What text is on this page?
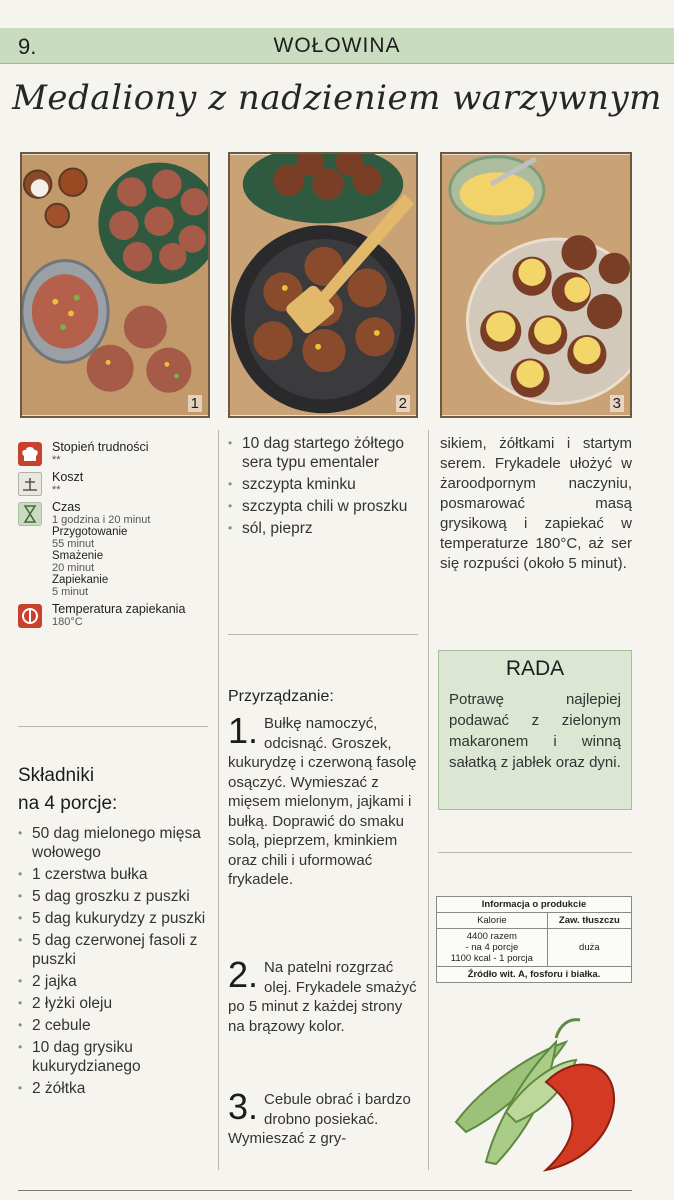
9.	WOŁOWINA
Medaliony z nadzieniem warzywnym
1	2	3
Stopień trudności
**
Koszt
**
Czas
1 godzina i 20 minut
Przygotowanie
55 minut
Smażenie
20 minut
Zapiekanie
5 minut
Temperatura zapiekania
180°C
Składniki
na 4 porcje:
• 50 dag mielonego mięsa wołowego
• 1 czerstwa bułka
• 5 dag groszku z puszki
• 5 dag kukurydzy z puszki
• 5 dag czerwonej fasoli z puszki
• 2 jajka
• 2 łyżki oleju
• 2 cebule
• 10 dag grysiku kukurydzianego
• 2 żółtka
• 10 dag startego żółtego sera typu ementaler
• szczypta kminku
• szczypta chili w proszku
• sól, pieprz
Przyrządzanie:
1. Bułkę namoczyć, odcisnąć. Groszek, kukurydzę i czerwoną fasolę osączyć. Wymieszać z mięsem mielonym, jajkami i bułką. Doprawić do smaku solą, pieprzem, kminkiem oraz chili i uformować frykadele.
2. Na patelni rozgrzać olej. Frykadele smażyć po 5 minut z każdej strony na brązowy kolor.
3. Cebule obrać i bardzo drobno posiekać. Wymieszać z gry-
sikiem, żółtkami i startym serem. Frykadele ułożyć w żaroodpornym naczyniu, posmarować masą grysikową i zapiekać w temperaturze 180°C, aż ser się rozpuści (około 5 minut).
RADA
Potrawę najlepiej podawać z zielonym makaronem i winną sałatką z jabłek oraz dyni.
Informacja o produkcie	
Kalorie	Zaw. tłuszczu

4400 razem
- na 4 porcje
1100 kcal - 1 porcja	duża
Źródło wit. A, fosforu i białka.	
